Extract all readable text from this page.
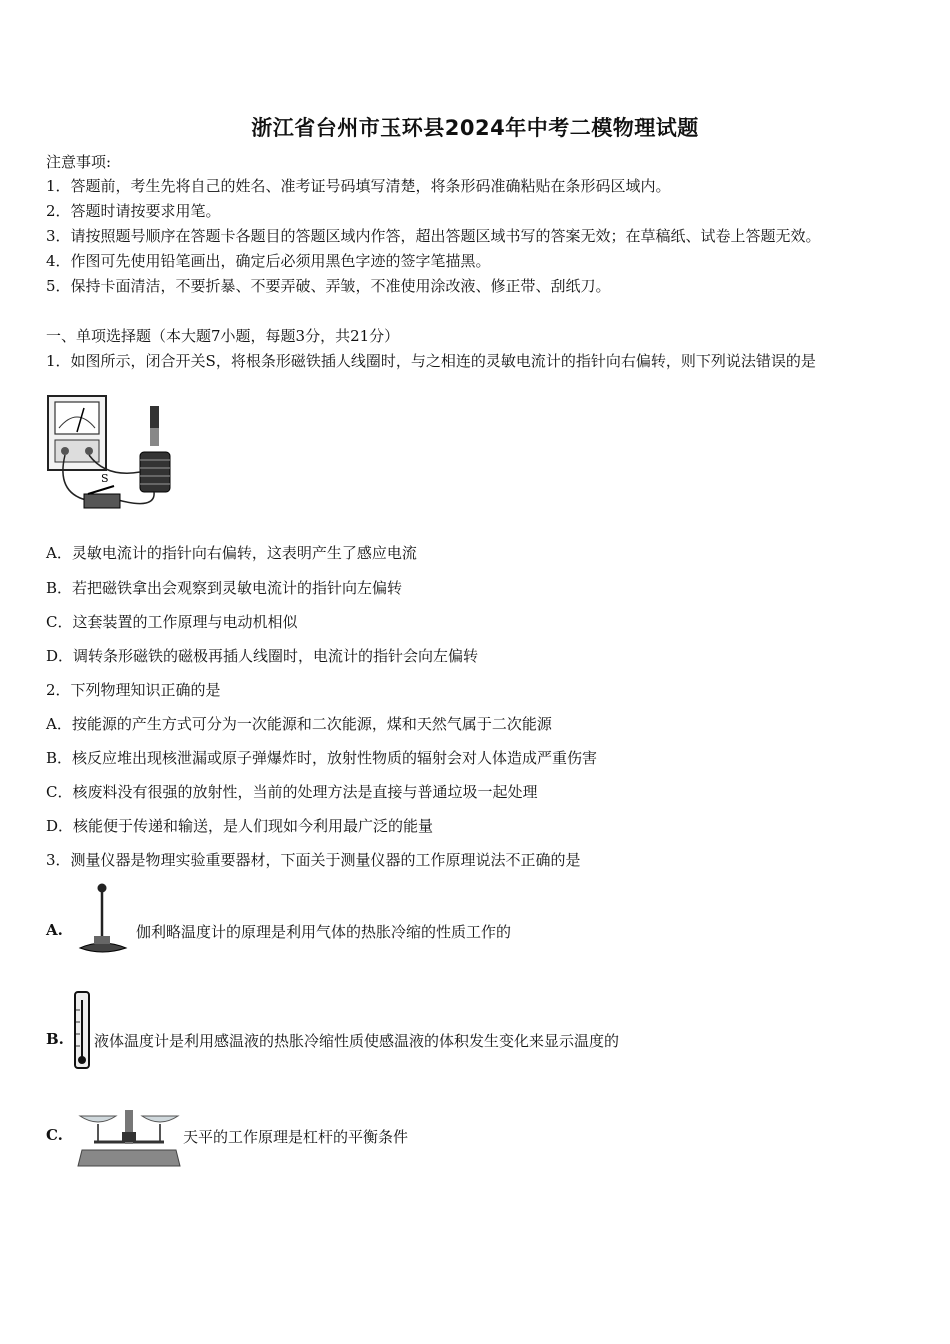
浙江省台州市玉环县2024年中考二模物理试题
注意事项:
1．答题前，考生先将自己的姓名、准考证号码填写清楚，将条形码准确粘贴在条形码区域内。
2．答题时请按要求用笔。
3．请按照题号顺序在答题卡各题目的答题区域内作答，超出答题区域书写的答案无效；在草稿纸、试卷上答题无效。
4．作图可先使用铅笔画出，确定后必须用黑色字迹的签字笔描黑。
5．保持卡面清洁，不要折暴、不要弄破、弄皱，不准使用涂改液、修正带、刮纸刀。
一、单项选择题（本大题7小题，每题3分，共21分）
1．如图所示，闭合开关S，将根条形磁铁插人线圈时，与之相连的灵敏电流计的指针向右偏转，则下列说法错误的是
S
A．灵敏电流计的指针向右偏转，这表明产生了感应电流
B．若把磁铁拿出会观察到灵敏电流计的指针向左偏转
C．这套装置的工作原理与电动机相似
D．调转条形磁铁的磁极再插人线圈时，电流计的指针会向左偏转
2．下列物理知识正确的是
A．按能源的产生方式可分为一次能源和二次能源，煤和天然气属于二次能源
B．核反应堆出现核泄漏或原子弹爆炸时，放射性物质的辐射会对人体造成严重伤害
C．核废料没有很强的放射性，当前的处理方法是直接与普通垃圾一起处理
D．核能便于传递和输送，是人们现如今利用最广泛的能量
3．测量仪器是物理实验重要器材，下面关于测量仪器的工作原理说法不正确的是
A.	伽利略温度计的原理是利用气体的热胀冷缩的性质工作的
B. 液体温度计是利用感温液的热胀冷缩性质使感温液的体积发生变化来显示温度的
C.	天平的工作原理是杠杆的平衡条件
